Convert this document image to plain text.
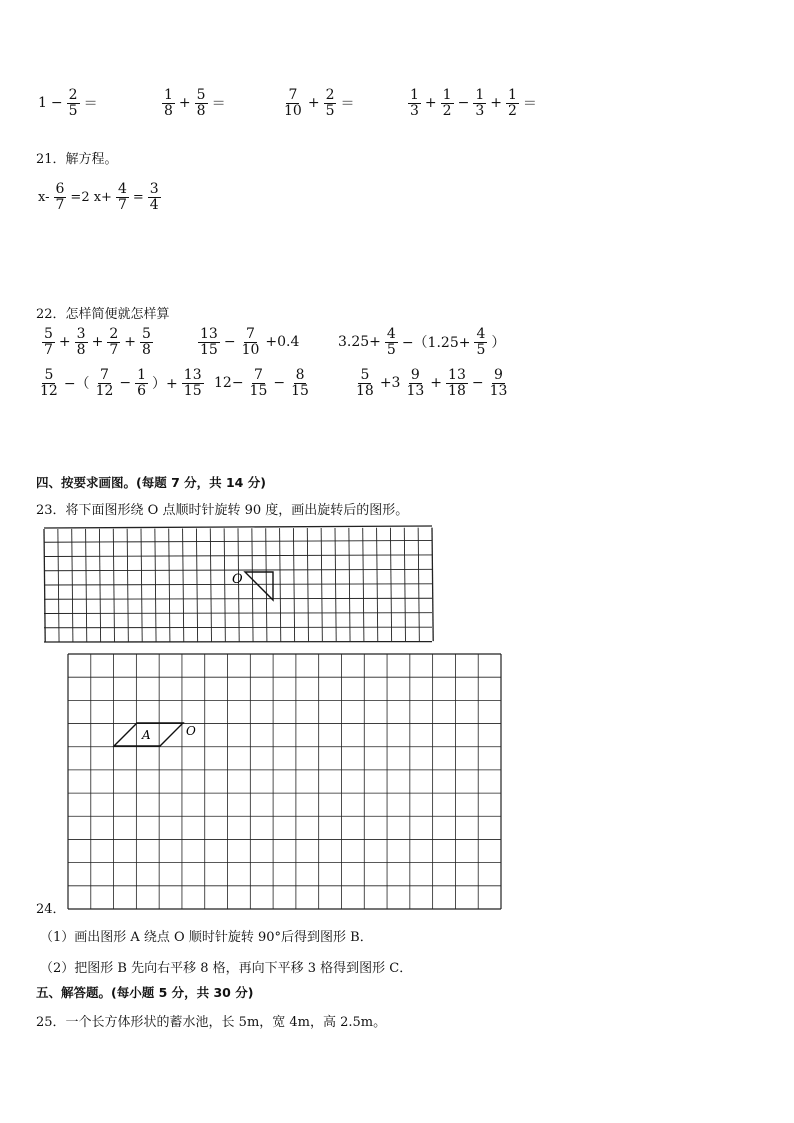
$1 - \frac{2}{5}$ ＝	$\frac{1}{8} + \frac{5}{8}$ ＝	$\frac{7}{10} + \frac{2}{5}$ ＝	$\frac{1}{3} + \frac{1}{2} - \frac{1}{3} + \frac{1}{2}$ ＝
21．解方程。
$x- \frac{6}{7} =2$ $x+ \frac{4}{7} = \frac{3}{4}$
22．怎样简便就怎样算
$\frac{5}{7} + \frac{3}{8} + \frac{2}{7} + \frac{5}{8}$	$\frac{13}{15} - \frac{7}{10} +0.4$	$3.25+ \frac{4}{5} -(1.25+ \frac{4}{5}$ ）
$\frac{5}{12}$ −（ $\frac{7}{12} - \frac{1}{6}$ ）+ $\frac{13}{15} 12- \frac{7}{15} - \frac{8}{15}$	$\frac{5}{18} +3 \frac{9}{13} + \frac{13}{18} - \frac{9}{13}$
四、按要求画图。(每题 7 分，共 14 分)
23．将下面图形绕 O 点顺时针旋转 90 度，画出旋转后的图形。
O
A	O
24．
（1）画出图形 A 绕点 O 顺时针旋转 90°后得到图形 B．
（2）把图形 B 先向右平移 8 格，再向下平移 3 格得到图形 C．
五、解答题。(每小题 5 分，共 30 分)
25．一个长方体形状的蓄水池，长 5m，宽 4m，高 2.5m。
